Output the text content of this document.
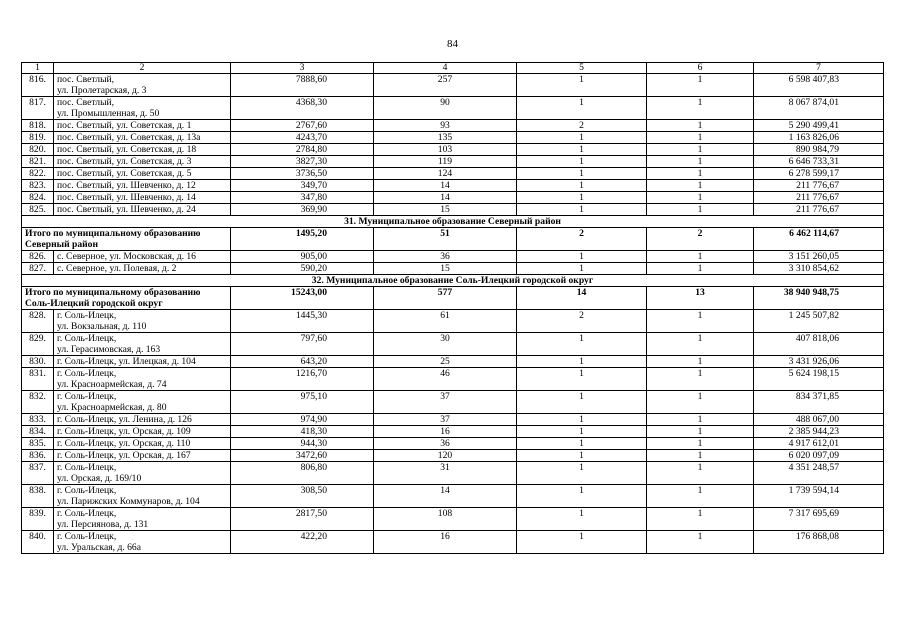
84
1	2	3	4	5	6	7
816.	пос. Светлый,
ул. Пролетарская, д. 3	7888,60	257	1	1	6 598 407,83
817.	пос. Светлый,
ул. Промышленная, д. 50	4368,30	90	1	1	8 067 874,01
818.	пос. Светлый, ул. Советская, д. 1	2767,60	93	2	1	5 290 499,41
819.	пос. Светлый, ул. Советская, д. 13а	4243,70	135	1	1	1 163 826,06
820.	пос. Светлый, ул. Советская, д. 18	2784,80	103	1	1	890 984,79
821.	пос. Светлый, ул. Советская, д. 3	3827,30	119	1	1	6 646 733,31
822.	пос. Светлый, ул. Советская, д. 5	3736,50	124	1	1	6 278 599,17
823.	пос. Светлый, ул. Шевченко, д. 12	349,70	14	1	1	211 776,67
824.	пос. Светлый, ул. Шевченко, д. 14	347,80	14	1	1	211 776,67
825.	пос. Светлый, ул. Шевченко, д. 24	369,90	15	1	1	211 776,67
31. Муниципальное образование Северный район						

Итого по муниципальному образованию
Северный район		1495,20	51	2	2	6 462 114,67
826.	с. Северное, ул. Московская, д. 16	905,00	36	1	1	3 151 260,05
827.	с. Северное, ул. Полевая, д. 2	590,20	15	1	1	3 310 854,62
32. Муниципальное образование Соль-Илецкий городской округ						

Итого по муниципальному образованию
Соль-Илецкий городской округ		15243,00	577	14	13	38 940 948,75
828.	г. Соль-Илецк,
ул. Вокзальная, д. 110	1445,30	61	2	1	1 245 507,82
829.	г. Соль-Илецк,
ул. Герасимовская, д. 163	797,60	30	1	1	407 818,06
830.	г. Соль-Илецк, ул. Илецкая, д. 104	643,20	25	1	1	3 431 926,06
831.	г. Соль-Илецк,
ул. Красноармейская, д. 74	1216,70	46	1	1	5 624 198,15
832.	г. Соль-Илецк,
ул. Красноармейская, д. 80	975,10	37	1	1	834 371,85
833.	г. Соль-Илецк, ул. Ленина, д. 126	974,90	37	1	1	488 067,00
834.	г. Соль-Илецк, ул. Орская, д. 109	418,30	16	1	1	2 385 944,23
835.	г. Соль-Илецк, ул. Орская, д. 110	944,30	36	1	1	4 917 612,01
836.	г. Соль-Илецк, ул. Орская, д. 167	3472,60	120	1	1	6 020 097,09
837.	г. Соль-Илецк,
ул. Орская, д. 169/10	806,80	31	1	1	4 351 248,57
838.	г. Соль-Илецк,
ул. Парижских Коммунаров, д. 104	308,50	14	1	1	1 739 594,14
839.	г. Соль-Илецк,
ул. Персиянова, д. 131	2817,50	108	1	1	7 317 695,69
840.	г. Соль-Илецк,
ул. Уральская, д. 66а	422,20	16	1	1	176 868,08
